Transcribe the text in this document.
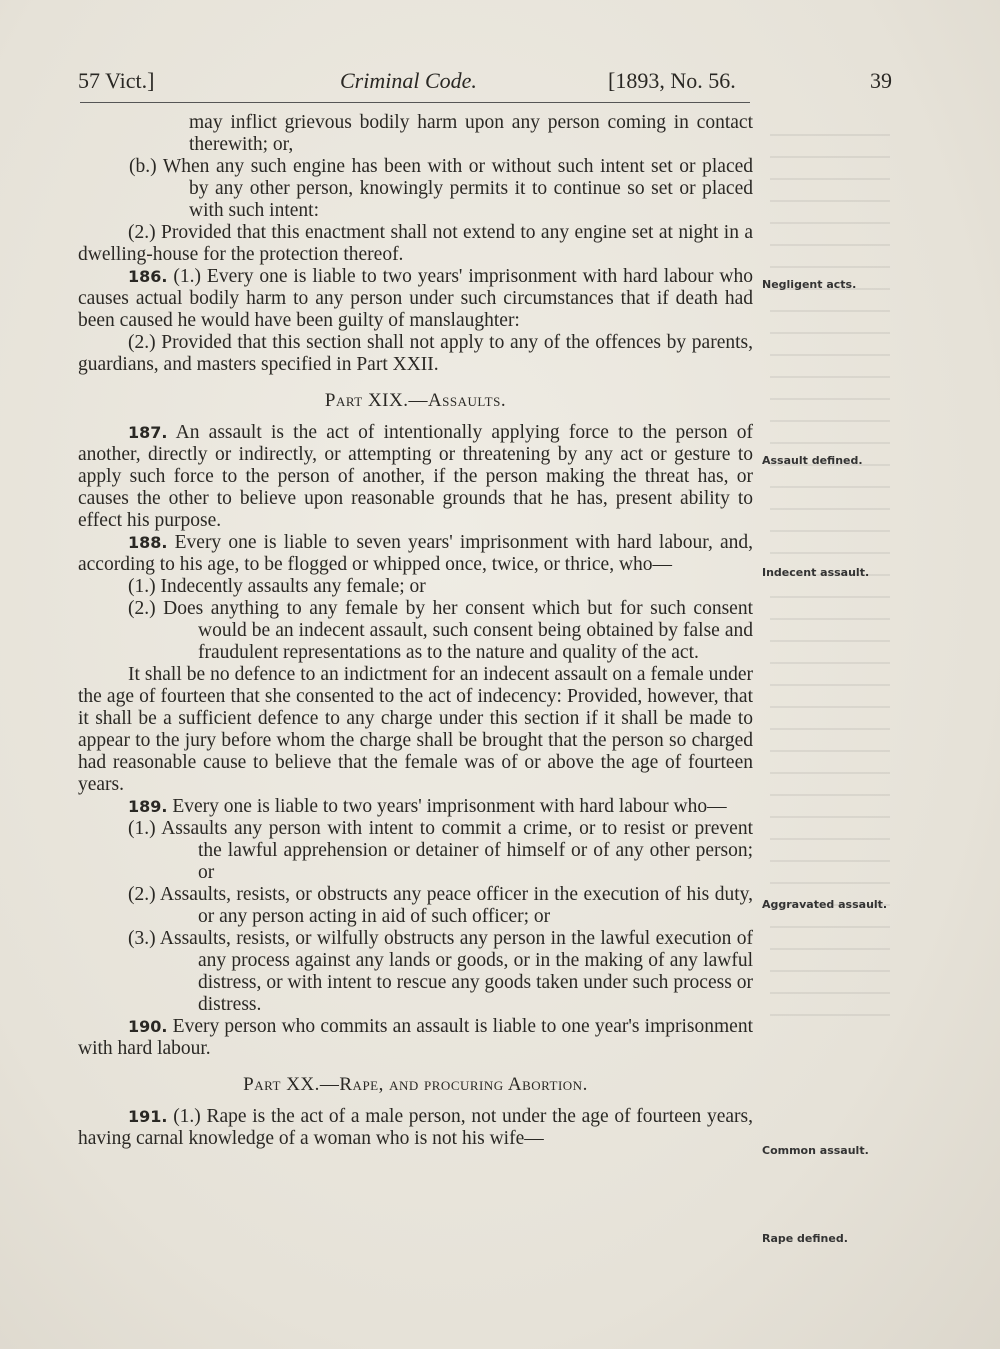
57 Vict.]	Criminal Code.	[1893, No. 56.	39

may inflict grievous bodily harm upon any person coming in contact therewith; or,

(b.) When any such engine has been with or without such intent set or placed by any other person, knowingly permits it to continue so set or placed with such intent:

(2.) Provided that this enactment shall not extend to any engine set at night in a dwelling-house for the protection thereof.

186. (1.) Every one is liable to two years' imprisonment with hard labour who causes actual bodily harm to any person under such circumstances that if death had been caused he would have been guilty of manslaughter:

(2.) Provided that this section shall not apply to any of the offences by parents, guardians, and masters specified in Part XXII.

Part XIX.—Assaults.

187. An assault is the act of intentionally applying force to the person of another, directly or indirectly, or attempting or threatening by any act or gesture to apply such force to the person of another, if the person making the threat has, or causes the other to believe upon reasonable grounds that he has, present ability to effect his purpose.

188. Every one is liable to seven years' imprisonment with hard labour, and, according to his age, to be flogged or whipped once, twice, or thrice, who—

(1.) Indecently assaults any female; or

(2.) Does anything to any female by her consent which but for such consent would be an indecent assault, such consent being obtained by false and fraudulent representations as to the nature and quality of the act.

It shall be no defence to an indictment for an indecent assault on a female under the age of fourteen that she consented to the act of indecency: Provided, however, that it shall be a sufficient defence to any charge under this section if it shall be made to appear to the jury before whom the charge shall be brought that the person so charged had reasonable cause to believe that the female was of or above the age of fourteen years.

189. Every one is liable to two years' imprisonment with hard labour who—

(1.) Assaults any person with intent to commit a crime, or to resist or prevent the lawful apprehension or detainer of himself or of any other person; or

(2.) Assaults, resists, or obstructs any peace officer in the execution of his duty, or any person acting in aid of such officer; or

(3.) Assaults, resists, or wilfully obstructs any person in the lawful execution of any process against any lands or goods, or in the making of any lawful distress, or with intent to rescue any goods taken under such process or distress.

190. Every person who commits an assault is liable to one year's imprisonment with hard labour.

Part XX.—Rape, and procuring Abortion.

191. (1.) Rape is the act of a male person, not under the age of fourteen years, having carnal knowledge of a woman who is not his wife—

Negligent acts.
Assault defined.
Indecent assault.
Aggravated assault.
Common assault.
Rape defined.
